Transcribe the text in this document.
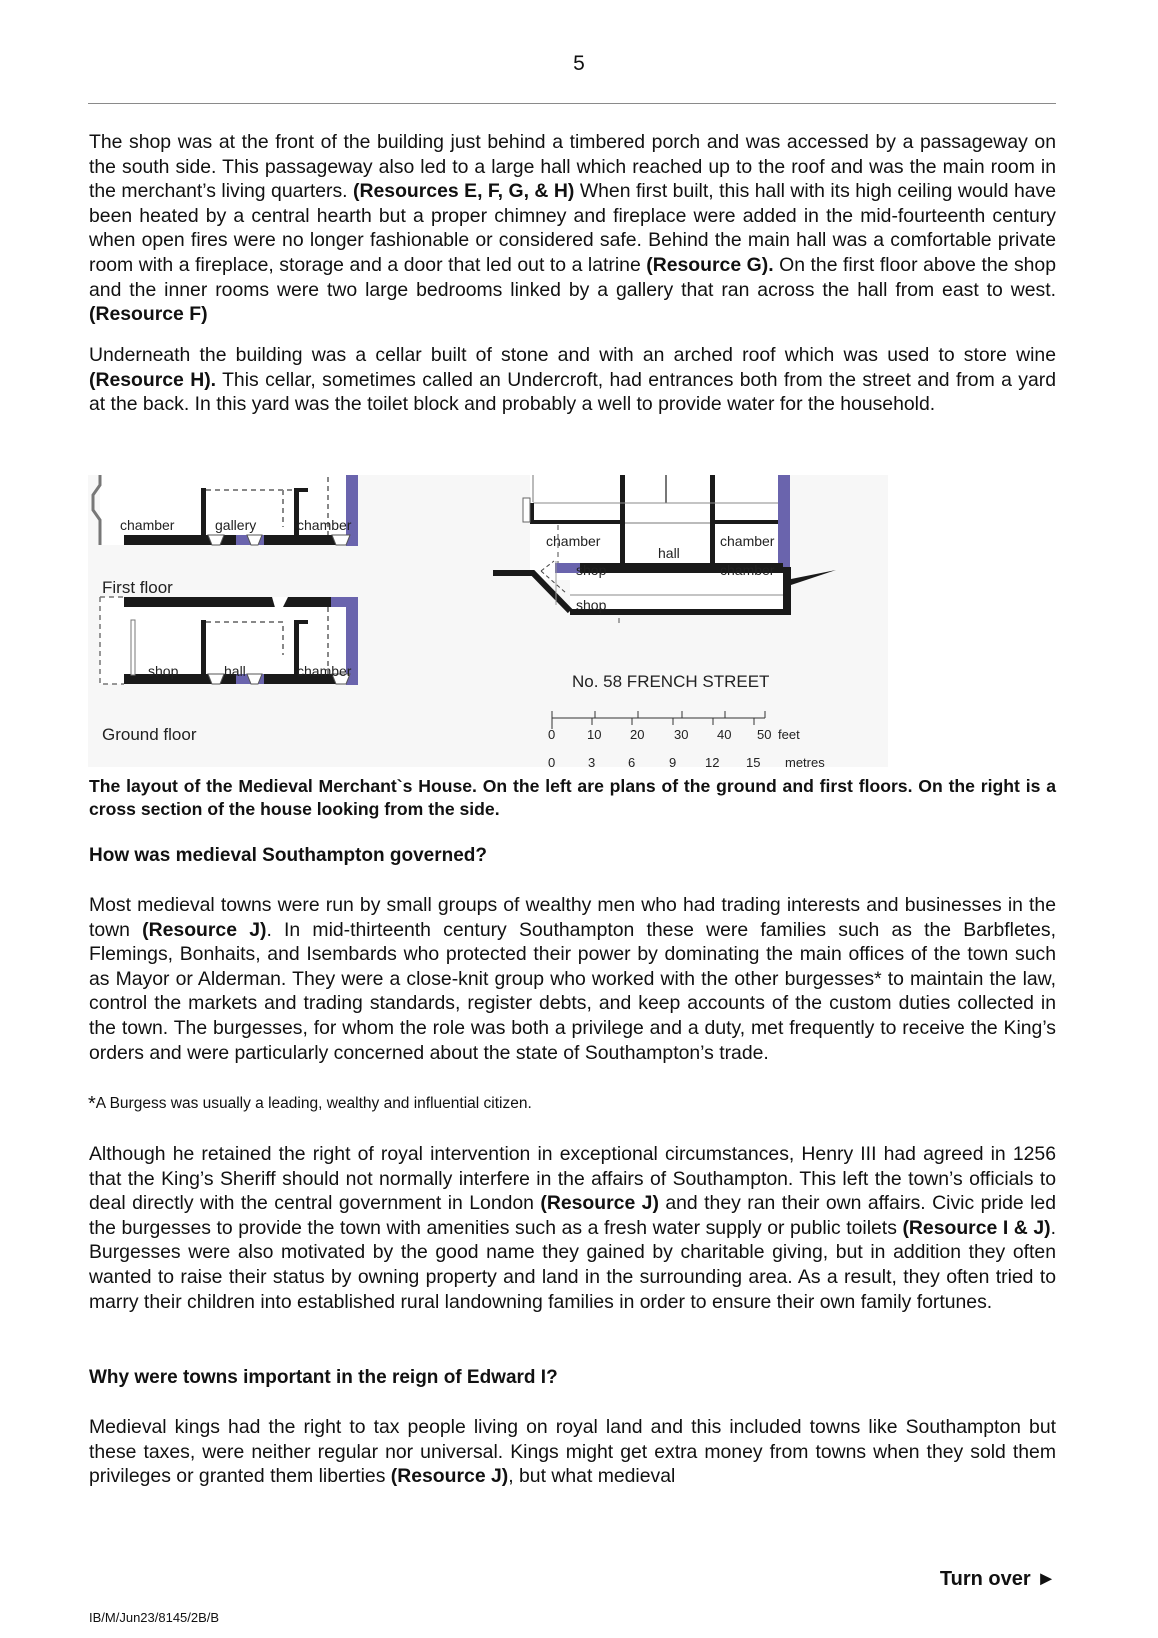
5

The shop was at the front of the building just behind a timbered porch and was accessed by a passageway on the south side. This passageway also led to a large hall which reached up to the roof and was the main room in the merchant’s living quarters. (Resources E, F, G, & H) When first built, this hall with its high ceiling would have been heated by a central hearth but a proper chimney and fireplace were added in the mid-fourteenth century when open fires were no longer fashionable or considered safe. Behind the main hall was a comfortable private room with a fireplace, storage and a door that led out to a latrine (Resource G). On the first floor above the shop and the inner rooms were two large bedrooms linked by a gallery that ran across the hall from east to west. (Resource F)

Underneath the building was a cellar built of stone and with an arched roof which was used to store wine (Resource H). This cellar, sometimes called an Undercroft, had entrances both from the street and from a yard at the back. In this yard was the toilet block and probably a well to provide water for the household.

chamber	gallery	chamber
First floor
shop	hall	chamber
Ground floor
chamber
hall
chamber
shop	chamber
shop
No. 58 FRENCH STREET
0 10 20 30 40 50 feet
0	3	6	9 12 15 metres

The layout of the Medieval Merchant`s House. On the left are plans of the ground and first floors. On the right is a cross section of the house looking from the side.

How was medieval Southampton governed?

Most medieval towns were run by small groups of wealthy men who had trading interests and businesses in the town (Resource J). In mid-thirteenth century Southampton these were families such as the Barbfletes, Flemings, Bonhaits, and Isembards who protected their power by dominating the main offices of the town such as Mayor or Alderman. They were a close-knit group who worked with the other burgesses* to maintain the law, control the markets and trading standards, register debts, and keep accounts of the custom duties collected in the town. The burgesses, for whom the role was both a privilege and a duty, met frequently to receive the King’s orders and were particularly concerned about the state of Southampton’s trade.

*A Burgess was usually a leading, wealthy and influential citizen.

Although he retained the right of royal intervention in exceptional circumstances, Henry III had agreed in 1256 that the King’s Sheriff should not normally interfere in the affairs of Southampton. This left the town’s officials to deal directly with the central government in London (Resource J) and they ran their own affairs. Civic pride led the burgesses to provide the town with amenities such as a fresh water supply or public toilets (Resource I & J). Burgesses were also motivated by the good name they gained by charitable giving, but in addition they often wanted to raise their status by owning property and land in the surrounding area. As a result, they often tried to marry their children into established rural landowning families in order to ensure their own family fortunes.

Why were towns important in the reign of Edward I?

Medieval kings had the right to tax people living on royal land and this included towns like Southampton but these taxes, were neither regular nor universal. Kings might get extra money from towns when they sold them privileges or granted them liberties (Resource J), but what medieval

Turn over ►
IB/M/Jun23/8145/2B/B
